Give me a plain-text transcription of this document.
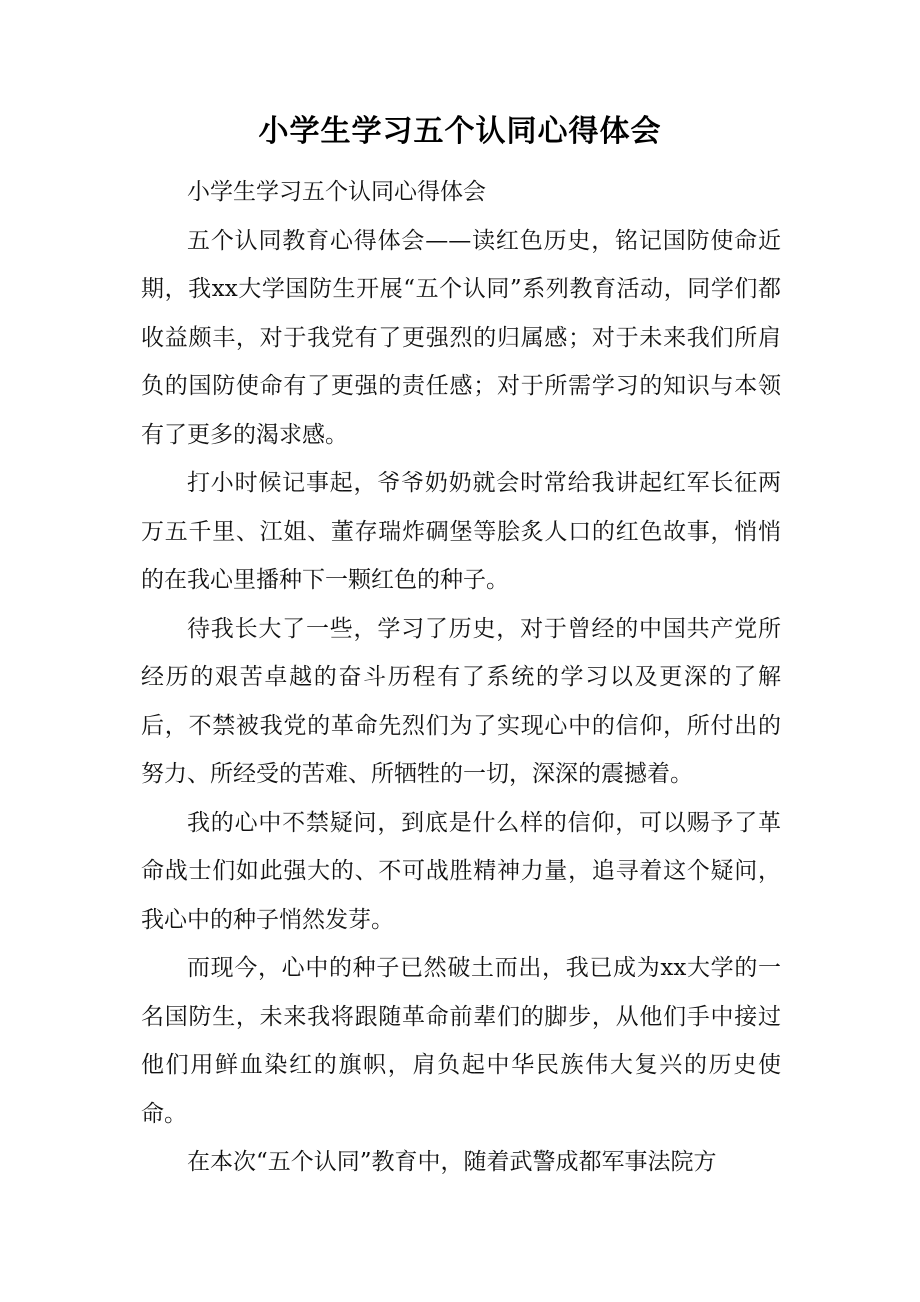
小学生学习五个认同心得体会

小学生学习五个认同心得体会

五个认同教育心得体会——读红色历史，铭记国防使命近期，我xx大学国防生开展“五个认同”系列教育活动，同学们都收益颇丰，对于我党有了更强烈的归属感；对于未来我们所肩负的国防使命有了更强的责任感；对于所需学习的知识与本领有了更多的渴求感。

打小时候记事起，爷爷奶奶就会时常给我讲起红军长征两万五千里、江姐、董存瑞炸碉堡等脍炙人口的红色故事，悄悄的在我心里播种下一颗红色的种子。

待我长大了一些，学习了历史，对于曾经的中国共产党所经历的艰苦卓越的奋斗历程有了系统的学习以及更深的了解后，不禁被我党的革命先烈们为了实现心中的信仰，所付出的努力、所经受的苦难、所牺牲的一切，深深的震撼着。

我的心中不禁疑问，到底是什么样的信仰，可以赐予了革命战士们如此强大的、不可战胜精神力量，追寻着这个疑问，我心中的种子悄然发芽。

而现今，心中的种子已然破土而出，我已成为xx大学的一名国防生，未来我将跟随革命前辈们的脚步，从他们手中接过他们用鲜血染红的旗帜，肩负起中华民族伟大复兴的历史使命。

在本次“五个认同”教育中，随着武警成都军事法院方
